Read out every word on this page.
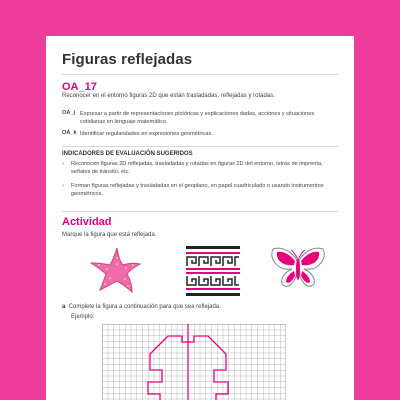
Figuras reflejadas
OA_17
Reconocer en el entorno figuras 2D que están trasladadas, reflejadas y rotadas.
OA_j Expresar a partir de representaciones pictóricas y explicaciones dadas, acciones y situaciones cotidianas en lenguaje matemático.
OA_k Identificar regularidades en expresiones geométricas.
INDICADORES DE EVALUACIÓN SUGERIDOS
›	Reconocen figuras 2D reflejadas, trasladadas y rotadas en figuras 2D del entorno, letras de imprenta, señales de tránsito, etc.
›	Forman figuras reflejadas y trasladadas en el geoplano, en papel cuadriculado o usando instrumentos geométricos.
Actividad
Marque la figura que está reflejada.
a Complete la figura a continuación para que sea reflejada.
Ejemplo:
